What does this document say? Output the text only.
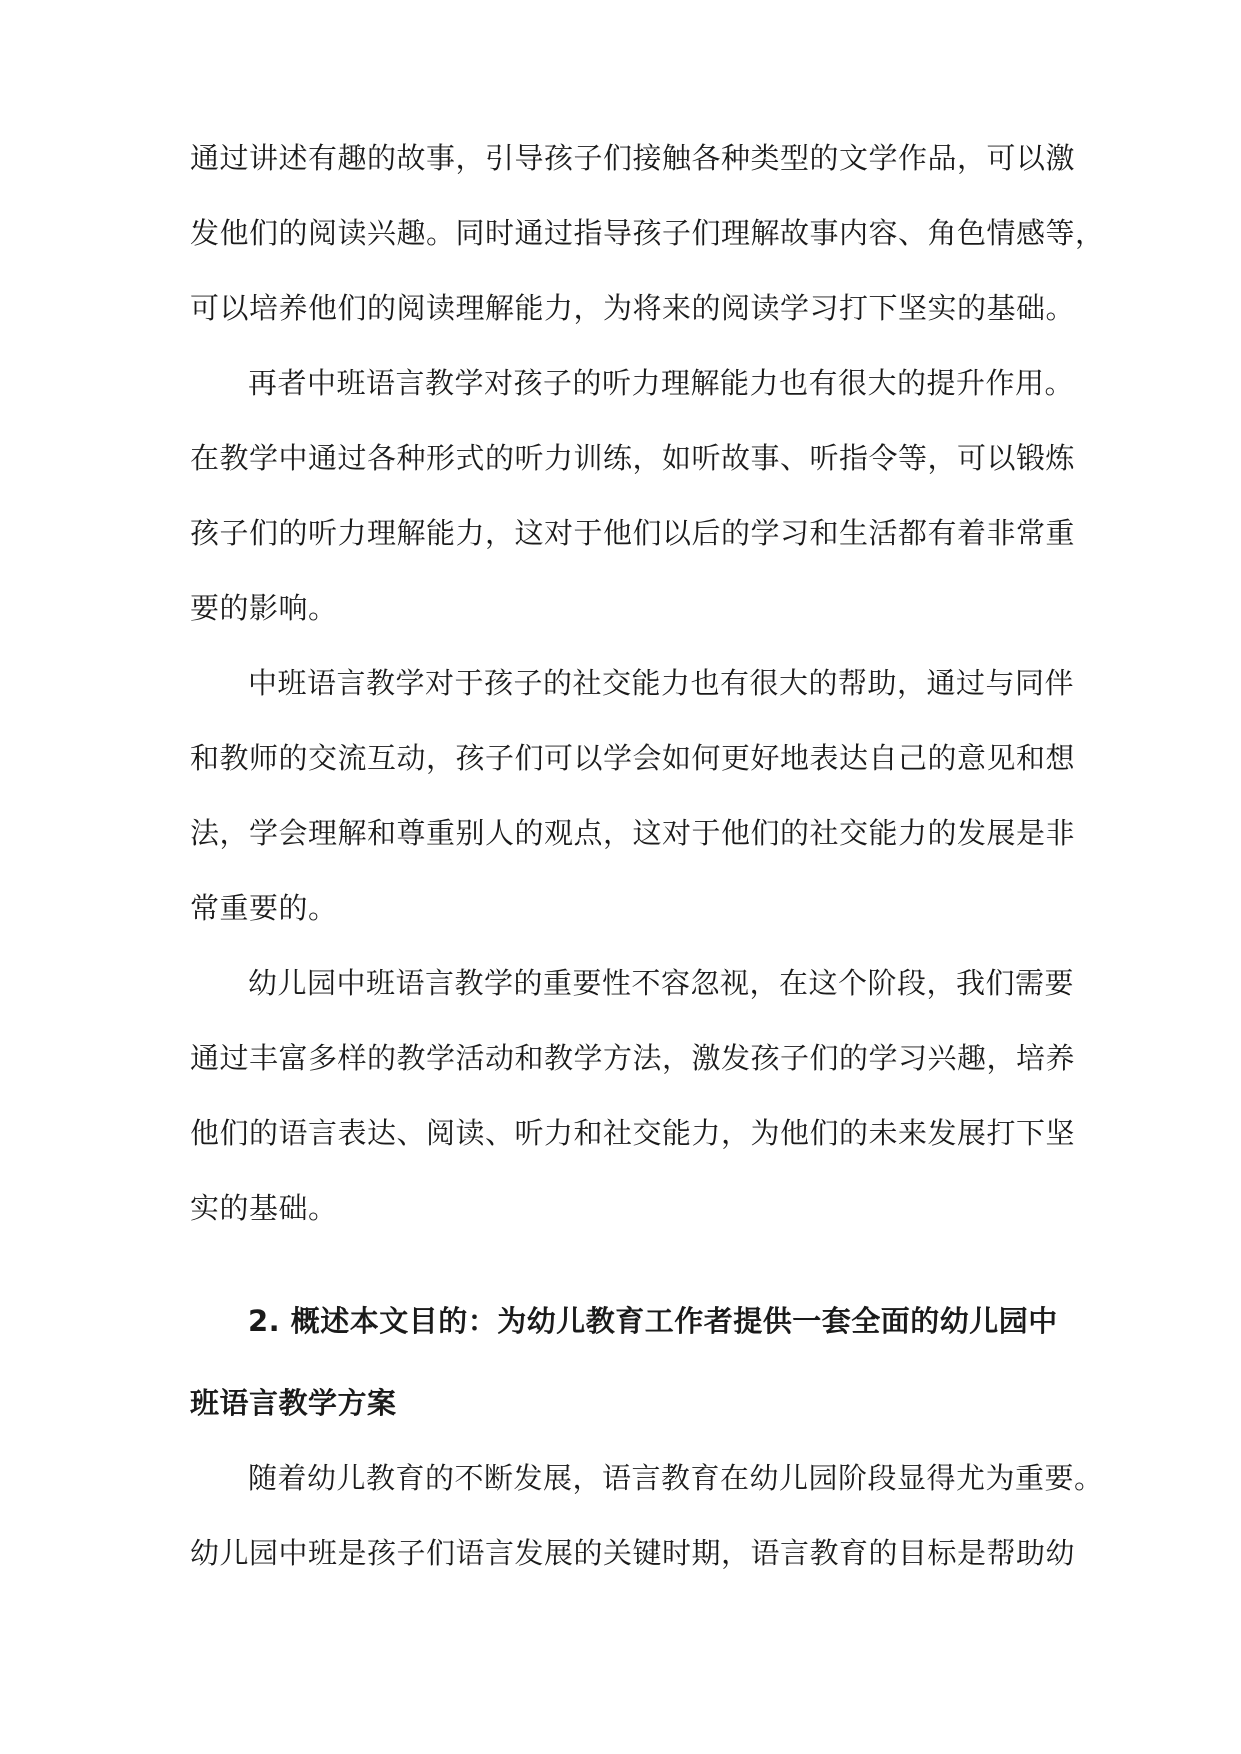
通过讲述有趣的故事，引导孩子们接触各种类型的文学作品，可以激
发他们的阅读兴趣。同时通过指导孩子们理解故事内容、角色情感等，
可以培养他们的阅读理解能力，为将来的阅读学习打下坚实的基础。
再者中班语言教学对孩子的听力理解能力也有很大的提升作用。
在教学中通过各种形式的听力训练，如听故事、听指令等，可以锻炼
孩子们的听力理解能力，这对于他们以后的学习和生活都有着非常重
要的影响。
中班语言教学对于孩子的社交能力也有很大的帮助，通过与同伴
和教师的交流互动，孩子们可以学会如何更好地表达自己的意见和想
法，学会理解和尊重别人的观点，这对于他们的社交能力的发展是非
常重要的。
幼儿园中班语言教学的重要性不容忽视，在这个阶段，我们需要
通过丰富多样的教学活动和教学方法，激发孩子们的学习兴趣，培养
他们的语言表达、阅读、听力和社交能力，为他们的未来发展打下坚
实的基础。
2. 概述本文目的：为幼儿教育工作者提供一套全面的幼儿园中
班语言教学方案
随着幼儿教育的不断发展，语言教育在幼儿园阶段显得尤为重要。
幼儿园中班是孩子们语言发展的关键时期，语言教育的目标是帮助幼
